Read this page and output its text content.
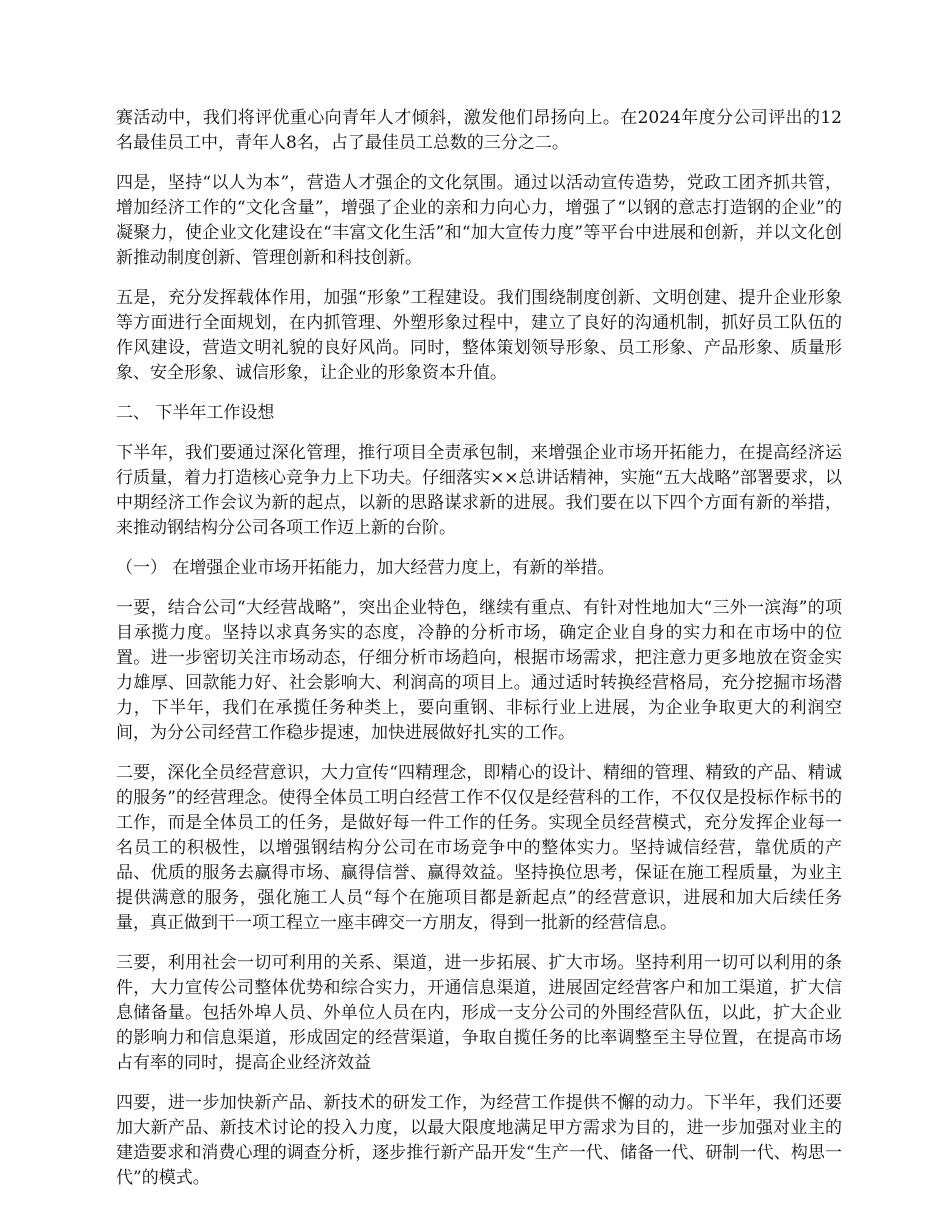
赛活动中，我们将评优重心向青年人才倾斜，激发他们昂扬向上。在2024年度分公司评出的12名最佳员工中，青年人8名，占了最佳员工总数的三分之二。

四是，坚持“以人为本”，营造人才强企的文化氛围。通过以活动宣传造势，党政工团齐抓共管，增加经济工作的“文化含量”，增强了企业的亲和力向心力，增强了“以钢的意志打造钢的企业”的凝聚力，使企业文化建设在“丰富文化生活”和“加大宣传力度”等平台中进展和创新，并以文化创新推动制度创新、管理创新和科技创新。

五是，充分发挥载体作用，加强“形象”工程建设。我们围绕制度创新、文明创建、提升企业形象等方面进行全面规划，在内抓管理、外塑形象过程中，建立了良好的沟通机制，抓好员工队伍的作风建设，营造文明礼貌的良好风尚。同时，整体策划领导形象、员工形象、产品形象、质量形象、安全形象、诚信形象，让企业的形象资本升值。

二、 下半年工作设想

下半年，我们要通过深化管理，推行项目全责承包制，来增强企业市场开拓能力，在提高经济运行质量，着力打造核心竞争力上下功夫。仔细落实××总讲话精神，实施“五大战略”部署要求，以中期经济工作会议为新的起点，以新的思路谋求新的进展。我们要在以下四个方面有新的举措，来推动钢结构分公司各项工作迈上新的台阶。

（一） 在增强企业市场开拓能力，加大经营力度上，有新的举措。

一要，结合公司“大经营战略”，突出企业特色，继续有重点、有针对性地加大“三外一滨海”的项目承揽力度。坚持以求真务实的态度，冷静的分析市场，确定企业自身的实力和在市场中的位置。进一步密切关注市场动态，仔细分析市场趋向，根据市场需求，把注意力更多地放在资金实力雄厚、回款能力好、社会影响大、利润高的项目上。通过适时转换经营格局，充分挖掘市场潜力，下半年，我们在承揽任务种类上，要向重钢、非标行业上进展，为企业争取更大的利润空间，为分公司经营工作稳步提速，加快进展做好扎实的工作。

二要，深化全员经营意识，大力宣传“四精理念，即精心的设计、精细的管理、精致的产品、精诚的服务”的经营理念。使得全体员工明白经营工作不仅仅是经营科的工作，不仅仅是投标作标书的工作，而是全体员工的任务，是做好每一件工作的任务。实现全员经营模式，充分发挥企业每一名员工的积极性，以增强钢结构分公司在市场竞争中的整体实力。坚持诚信经营，靠优质的产品、优质的服务去赢得市场、赢得信誉、赢得效益。坚持换位思考，保证在施工程质量，为业主提供满意的服务，强化施工人员“每个在施项目都是新起点”的经营意识，进展和加大后续任务量，真正做到干一项工程立一座丰碑交一方朋友，得到一批新的经营信息。

三要，利用社会一切可利用的关系、渠道，进一步拓展、扩大市场。坚持利用一切可以利用的条件，大力宣传公司整体优势和综合实力，开通信息渠道，进展固定经营客户和加工渠道，扩大信息储备量。包括外埠人员、外单位人员在内，形成一支分公司的外围经营队伍，以此，扩大企业的影响力和信息渠道，形成固定的经营渠道，争取自揽任务的比率调整至主导位置，在提高市场占有率的同时，提高企业经济效益

四要，进一步加快新产品、新技术的研发工作，为经营工作提供不懈的动力。下半年，我们还要加大新产品、新技术讨论的投入力度，以最大限度地满足甲方需求为目的，进一步加强对业主的建造要求和消费心理的调查分析，逐步推行新产品开发“生产一代、储备一代、研制一代、构思一代”的模式。
